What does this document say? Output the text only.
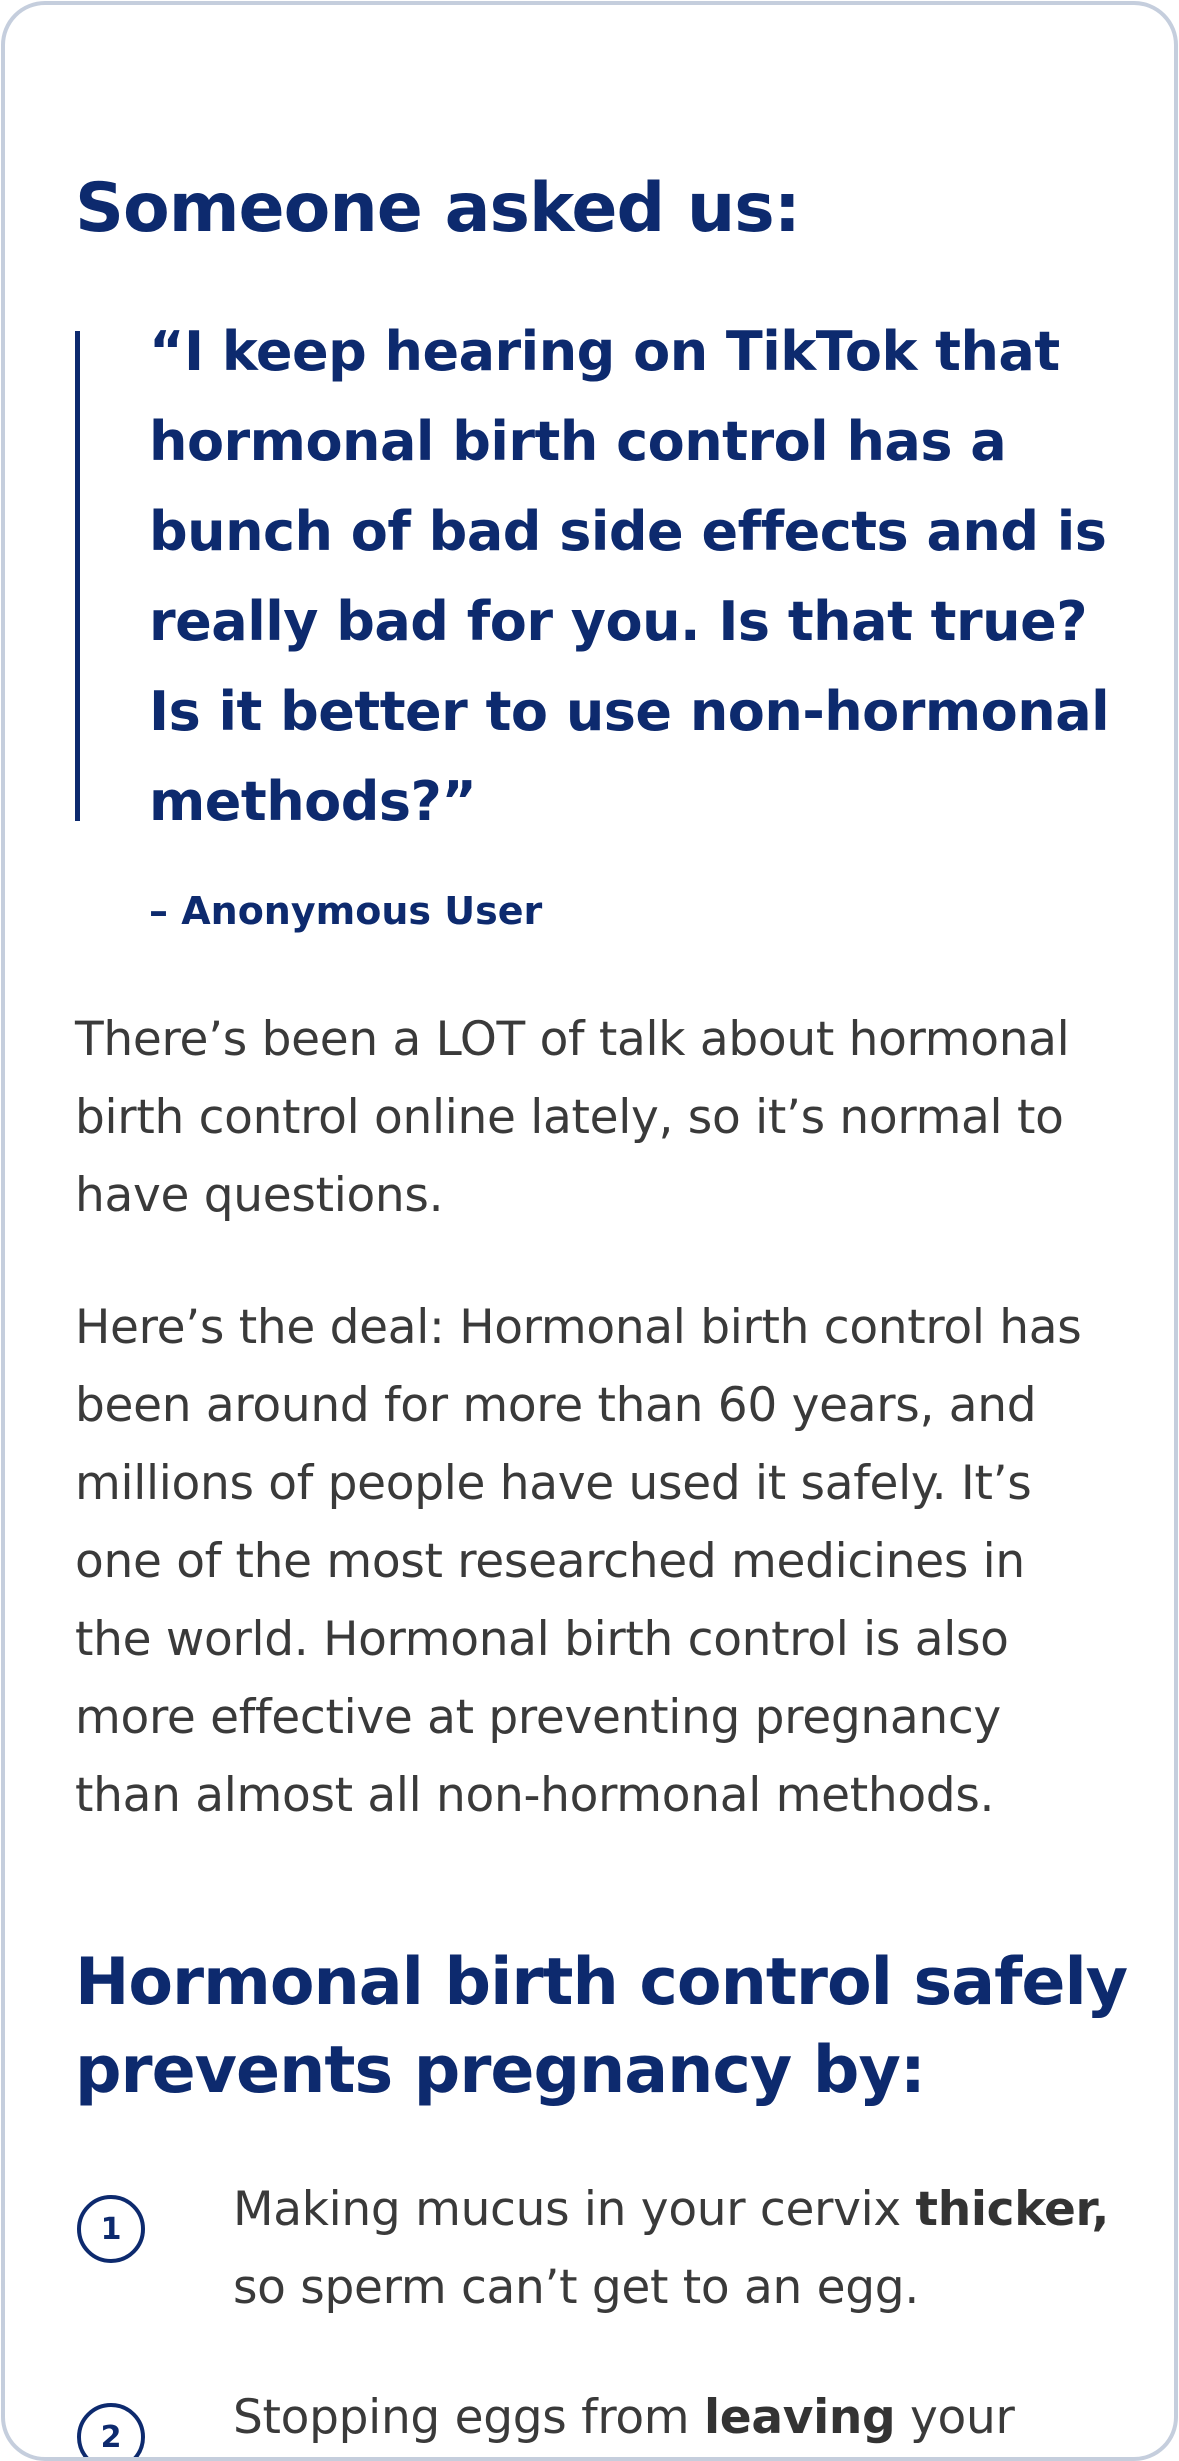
Someone asked us:

“I keep hearing on TikTok that hormonal birth control has a bunch of bad side effects and is really bad for you. Is that true? Is it better to use non-hormonal methods?”

– Anonymous User

There’s been a LOT of talk about hormonal birth control online lately, so it’s normal to have questions.

Here’s the deal: Hormonal birth control has been around for more than 60 years, and millions of people have used it safely. It’s one of the most researched medicines in the world. Hormonal birth control is also more effective at preventing pregnancy than almost all non-hormonal methods.

Hormonal birth control safely prevents pregnancy by:
1	Making mucus in your cervix thicker, so sperm can’t get to an egg.

2	Stopping eggs from leaving your
